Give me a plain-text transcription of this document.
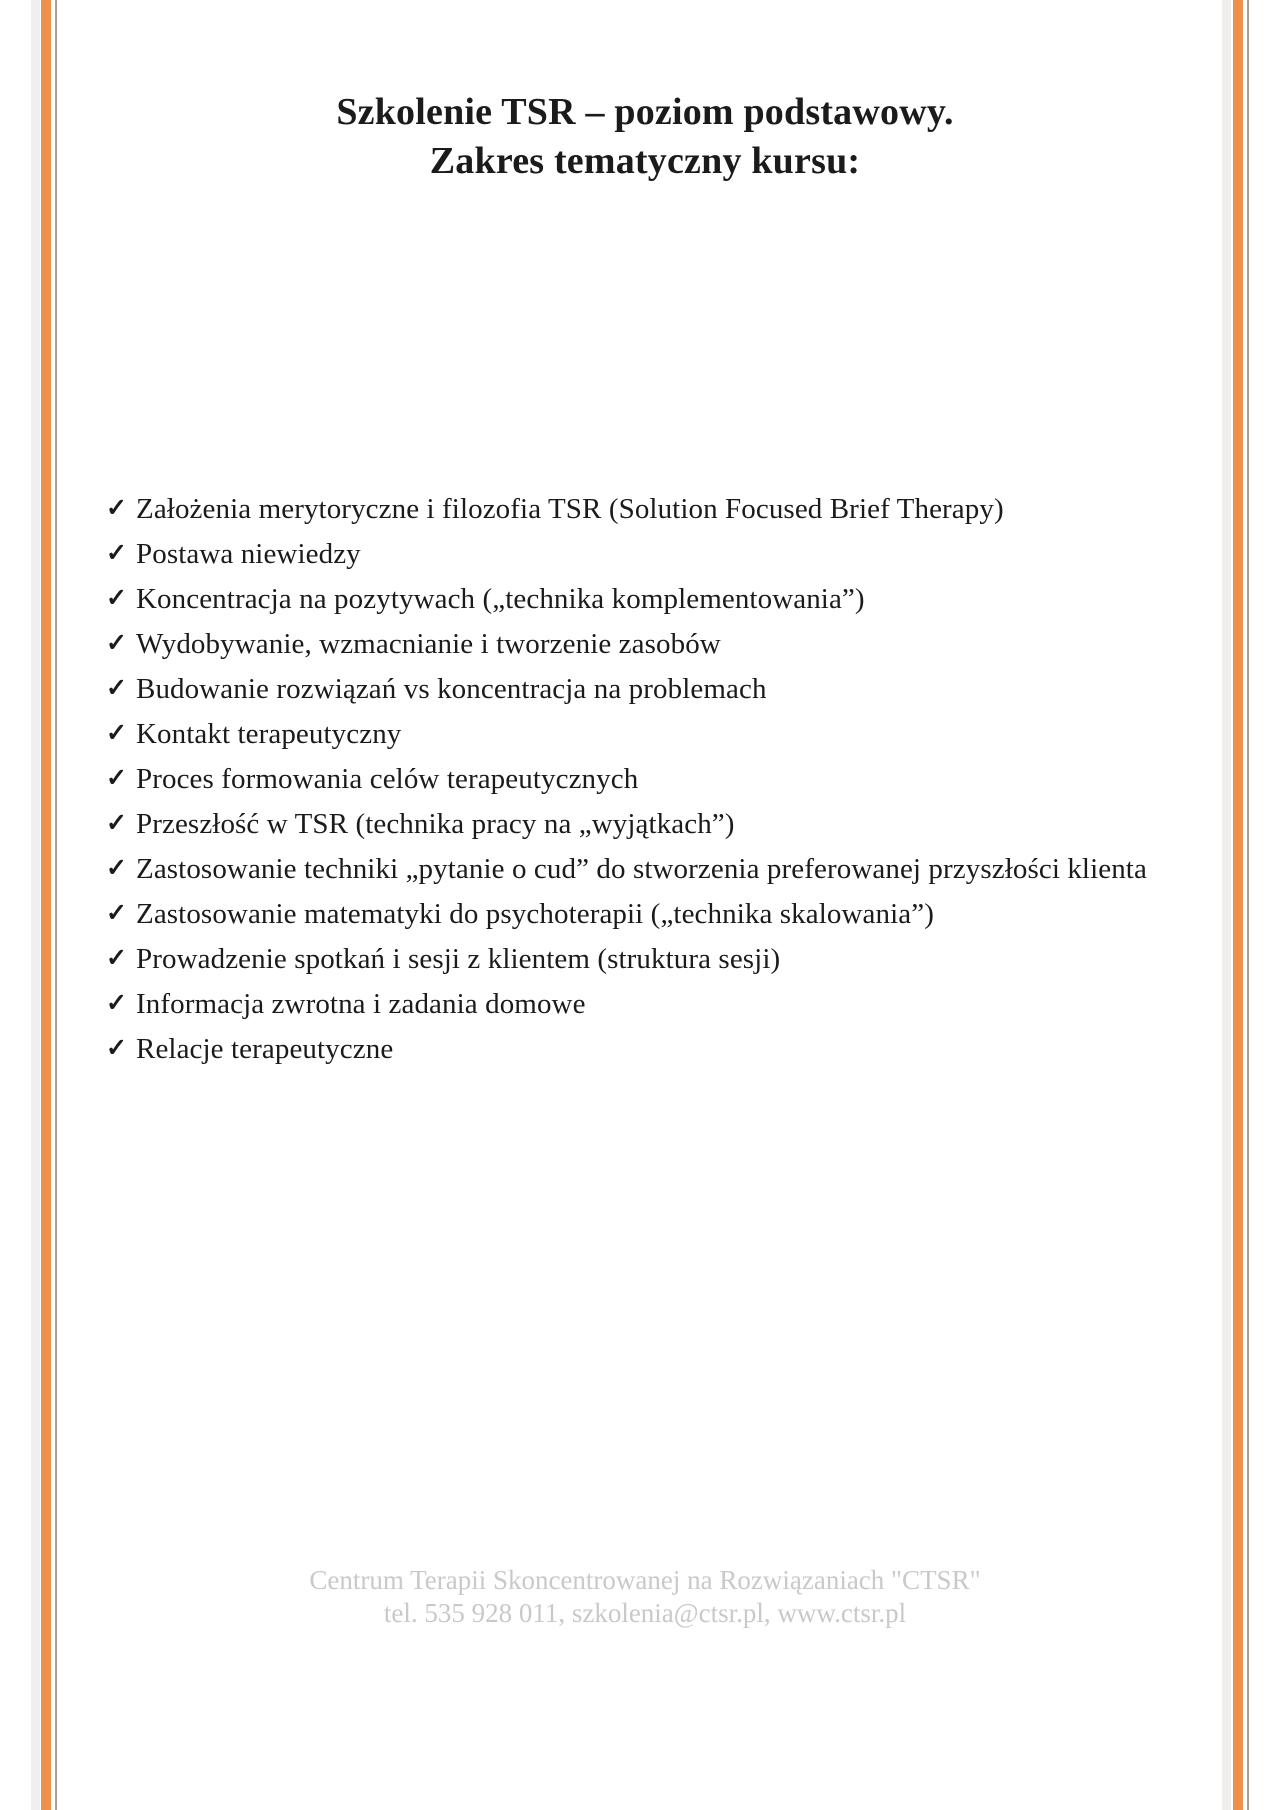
Szkolenie TSR – poziom podstawowy.
Zakres tematyczny kursu:
✓ Założenia merytoryczne i filozofia TSR (Solution Focused Brief Therapy)
✓ Postawa niewiedzy
✓ Koncentracja na pozytywach („technika komplementowania”)
✓ Wydobywanie, wzmacnianie i tworzenie zasobów
✓ Budowanie rozwiązań vs koncentracja na problemach
✓ Kontakt terapeutyczny
✓ Proces formowania celów terapeutycznych
✓ Przeszłość w TSR (technika pracy na „wyjątkach”)
✓ Zastosowanie techniki „pytanie o cud” do stworzenia preferowanej przyszłości klienta
✓ Zastosowanie matematyki do psychoterapii („technika skalowania”)
✓ Prowadzenie spotkań i sesji z klientem (struktura sesji)
✓ Informacja zwrotna i zadania domowe
✓ Relacje terapeutyczne
Centrum Terapii Skoncentrowanej na Rozwiązaniach "CTSR"
tel. 535 928 011, szkolenia@ctsr.pl, www.ctsr.pl
